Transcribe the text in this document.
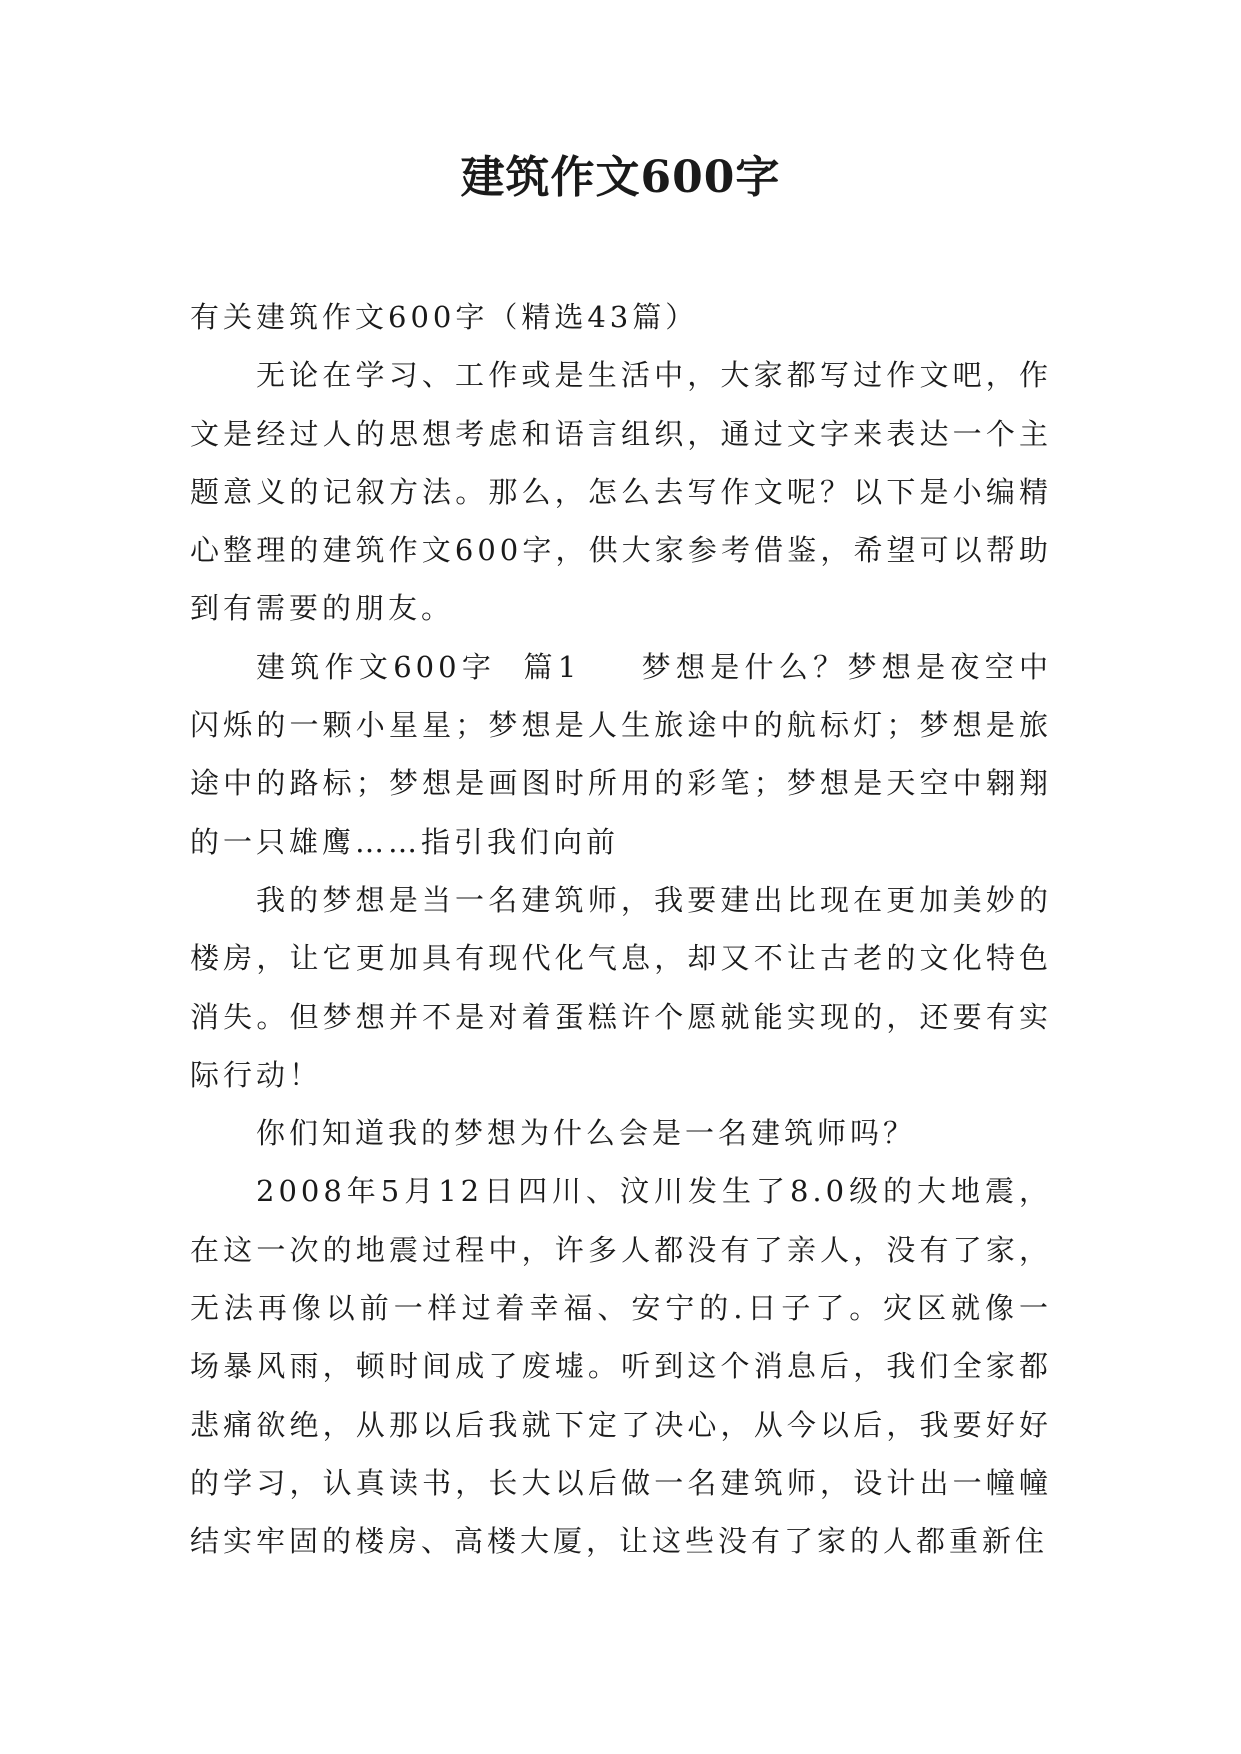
建筑作文600字

有关建筑作文600字（精选43篇）

无论在学习、工作或是生活中，大家都写过作文吧，作文是经过人的思想考虑和语言组织，通过文字来表达一个主题意义的记叙方法。那么，怎么去写作文呢？以下是小编精心整理的建筑作文600字，供大家参考借鉴，希望可以帮助到有需要的朋友。

建筑作文600字 篇1 梦想是什么？梦想是夜空中闪烁的一颗小星星；梦想是人生旅途中的航标灯；梦想是旅途中的路标；梦想是画图时所用的彩笔；梦想是天空中翱翔的一只雄鹰……指引我们向前

我的梦想是当一名建筑师，我要建出比现在更加美妙的楼房，让它更加具有现代化气息，却又不让古老的文化特色消失。但梦想并不是对着蛋糕许个愿就能实现的，还要有实际行动！

你们知道我的梦想为什么会是一名建筑师吗？

2008年5月12日四川、汶川发生了8.0级的大地震，在这一次的地震过程中，许多人都没有了亲人，没有了家，无法再像以前一样过着幸福、安宁的.日子了。灾区就像一场暴风雨，顿时间成了废墟。听到这个消息后，我们全家都悲痛欲绝，从那以后我就下定了决心，从今以后，我要好好的学习，认真读书，长大以后做一名建筑师，设计出一幢幢结实牢固的楼房、高楼大厦，让这些没有了家的人都重新住
